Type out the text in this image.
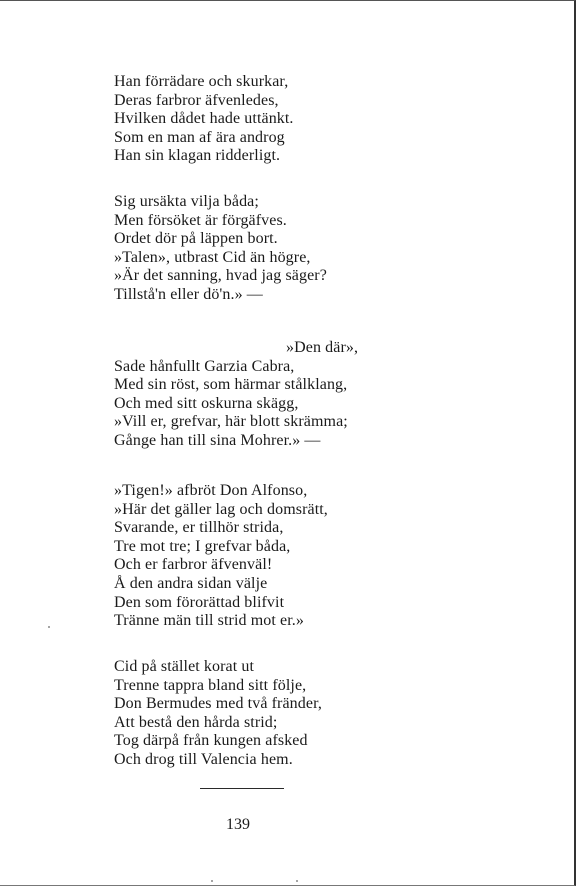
Han förrädare och skurkar,
Deras farbror äfvenledes,
Hvilken dådet hade uttänkt.
Som en man af ära androg
Han sin klagan ridderligt.
Sig ursäkta vilja båda;
Men försöket är förgäfves.
Ordet dör på läppen bort.
»Talen», utbrast Cid än högre,
»Är det sanning, hvad jag säger?
Tillstå'n eller dö'n.» —
»Den där»,
Sade hånfullt Garzia Cabra,
Med sin röst, som härmar stålklang,
Och med sitt oskurna skägg,
»Vill er, grefvar, här blott skrämma;
Gånge han till sina Mohrer.» —
»Tigen!» afbröt Don Alfonso,
»Här det gäller lag och domsrätt,
Svarande, er tillhör strida,
Tre mot tre; I grefvar båda,
Och er farbror äfvenväl!
Å den andra sidan välje
Den som förorättad blifvit
Tränne män till strid mot er.»
Cid på stället korat ut
Trenne tappra bland sitt följe,
Don Bermudes med två fränder,
Att bestå den hårda strid;
Tog därpå från kungen afsked
Och drog till Valencia hem.
139
